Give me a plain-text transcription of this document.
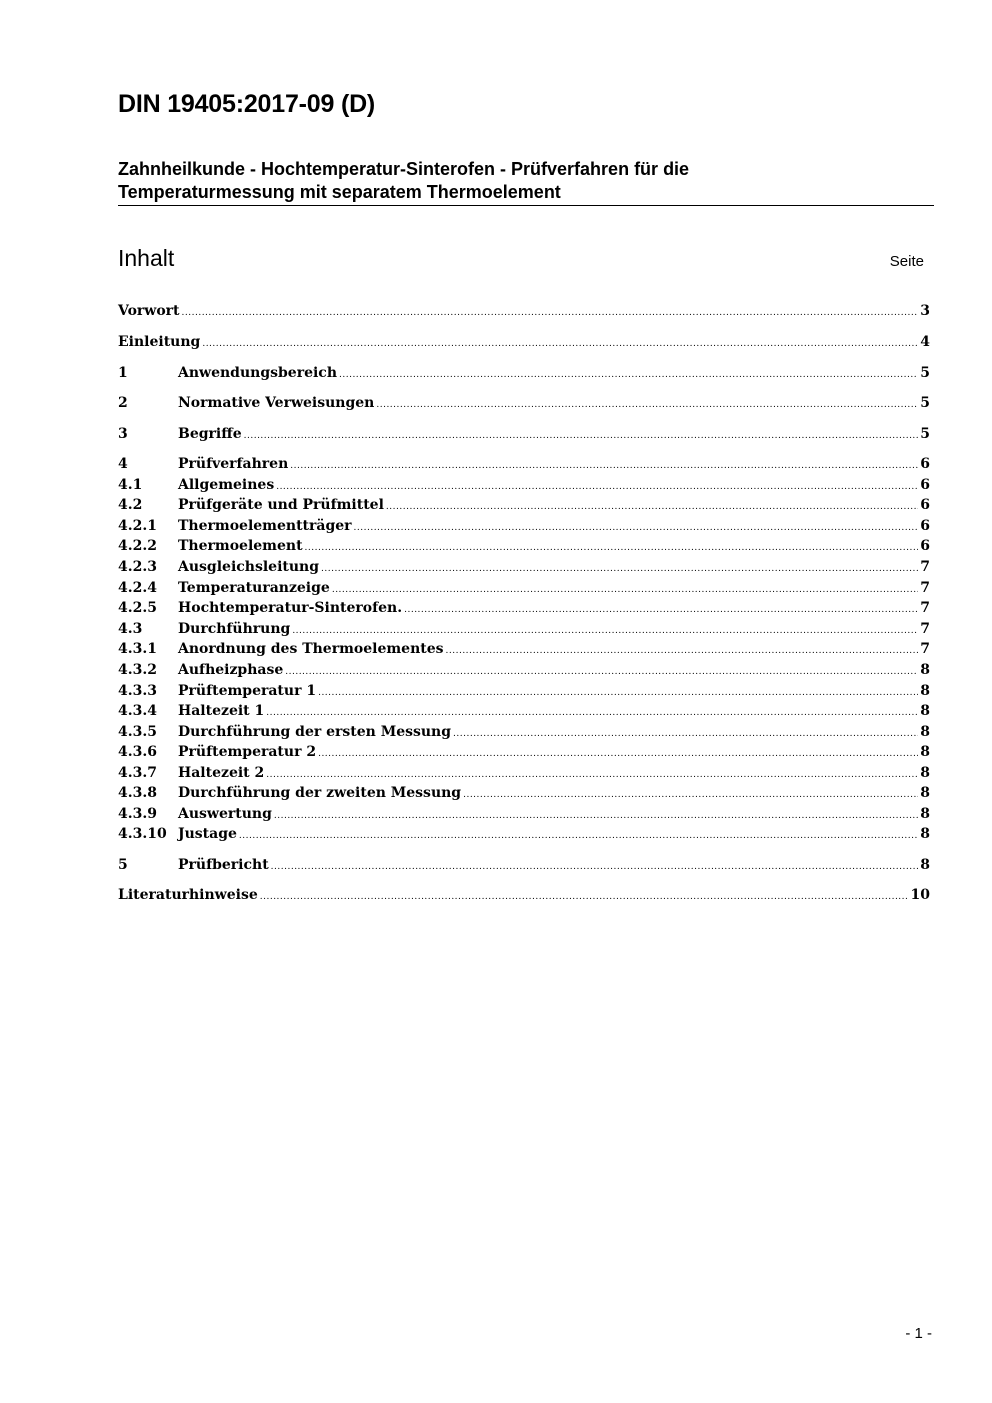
DIN 19405:2017-09 (D)
Zahnheilkunde - Hochtemperatur-Sinterofen - Prüfverfahren für die
Temperaturmessung mit separatem Thermoelement
Inhalt	Seite
Vorwort .....	3
Einleitung .....	4
1	Anwendungsbereich .....	5
2	Normative Verweisungen .....	5
3	Begriffe .....	5
4	Prüfverfahren .....	6
4.1	Allgemeines .....	6
4.2	Prüfgeräte und Prüfmittel .....	6
4.2.1	Thermoelementträger .....	6
4.2.2	Thermoelement .....	6
4.2.3	Ausgleichsleitung .....	7
4.2.4	Temperaturanzeige .....	7
4.2.5	Hochtemperatur-Sinterofen. .....	7
4.3	Durchführung .....	7
4.3.1	Anordnung des Thermoelementes .....	7
4.3.2	Aufheizphase .....	8
4.3.3	Prüftemperatur 1 .....	8
4.3.4	Haltezeit 1 .....	8
4.3.5	Durchführung der ersten Messung .....	8
4.3.6	Prüftemperatur 2 .....	8
4.3.7	Haltezeit 2 .....	8
4.3.8	Durchführung der zweiten Messung .....	8
4.3.9	Auswertung .....	8
4.3.10 Justage .....	8
5	Prüfbericht .....	8
Literaturhinweise .....	10
- 1 -
